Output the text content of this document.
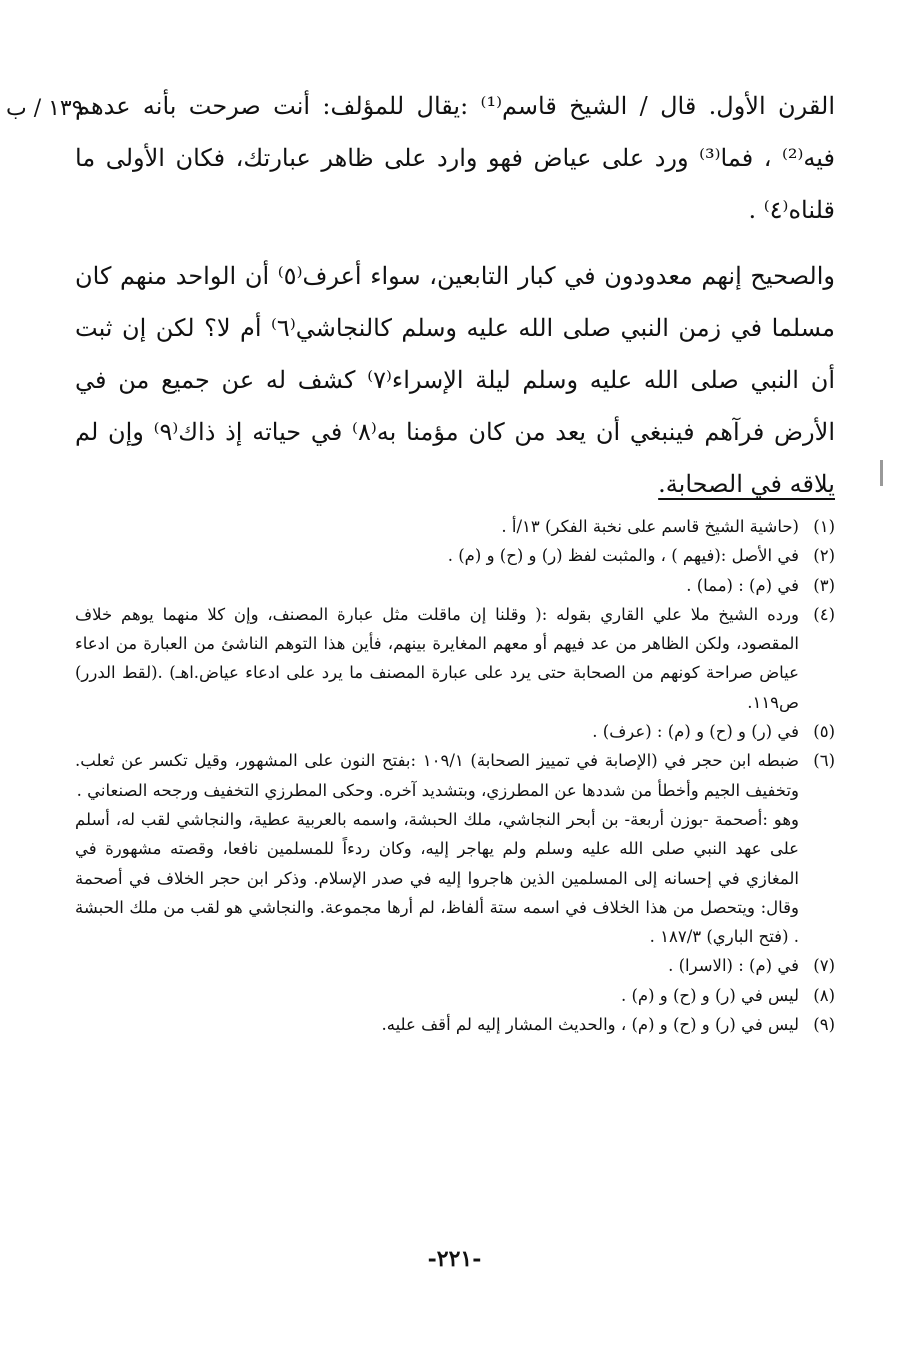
١٣٩ / ب
القرن الأول. قال / الشيخ قاسم⁽¹⁾ :يقال للمؤلف: أنت صرحت بأنه عدهم فيه⁽²⁾ ، فما⁽³⁾ ورد على عياض فهو وارد على ظاهر عبارتك، فكان الأولى ما قلناه⁽٤⁾ .
والصحيح إنهم معدودون في كبار التابعين، سواء أعرف⁽٥⁾ أن الواحد منهم كان مسلما في زمن النبي صلى الله عليه وسلم كالنجاشي⁽٦⁾ أم لا؟ لكن إن ثبت أن النبي صلى الله عليه وسلم ليلة الإسراء⁽٧⁾ كشف له عن جميع من في الأرض فرآهم فينبغي أن يعد من كان مؤمنا به⁽٨⁾ في حياته إذ ذاك⁽٩⁾ وإن لم يلاقه في الصحابة.
(١)
(حاشية الشيخ قاسم على نخبة الفكر) ١٣/أ .
(٢)
في الأصل :(فيهم ) ، والمثبت لفظ (ر) و (ح) و (م) .
(٣)
في (م) : (مما) .
(٤)
ورده الشيخ ملا علي القاري بقوله :( وقلنا إن ماقلت مثل عبارة المصنف، وإن كلا منهما يوهم خلاف المقصود، ولكن الظاهر من عد فيهم أو معهم المغايرة بينهم، فأين هذا التوهم الناشئ من العبارة من ادعاء عياض صراحة كونهم من الصحابة حتى يرد على عبارة المصنف ما يرد على ادعاء عياض.اهـ) .(لقط الدرر) ص١١٩.
(٥)
في (ر) و (ح) و (م) : (عرف) .
(٦)
ضبطه ابن حجر في (الإصابة في تمييز الصحابة) ١٠٩/١ :بفتح النون على المشهور، وقيل تكسر عن ثعلب. وتخفيف الجيم وأخطأ من شددها عن المطرزي، وبتشديد آخره. وحكى المطرزي التخفيف ورجحه الصنعاني .
وهو :أصحمة -بوزن أربعة- بن أبحر النجاشي، ملك الحبشة، واسمه بالعربية عطية، والنجاشي لقب له، أسلم على عهد النبي صلى الله عليه وسلم ولم يهاجر إليه، وكان ردءاً للمسلمين نافعا، وقصته مشهورة في المغازي في إحسانه إلى المسلمين الذين هاجروا إليه في صدر الإسلام. وذكر ابن حجر الخلاف في أصحمة وقال: ويتحصل من هذا الخلاف في اسمه ستة ألفاظ، لم أرها مجموعة. والنجاشي هو لقب من ملك الحبشة . (فتح الباري) ١٨٧/٣ .
(٧)
في (م) : (الاسرا) .
(٨)
ليس في (ر) و (ح) و (م) .
(٩)
ليس في (ر) و (ح) و (م) ، والحديث المشار إليه لم أقف عليه.
-٢٢١-
